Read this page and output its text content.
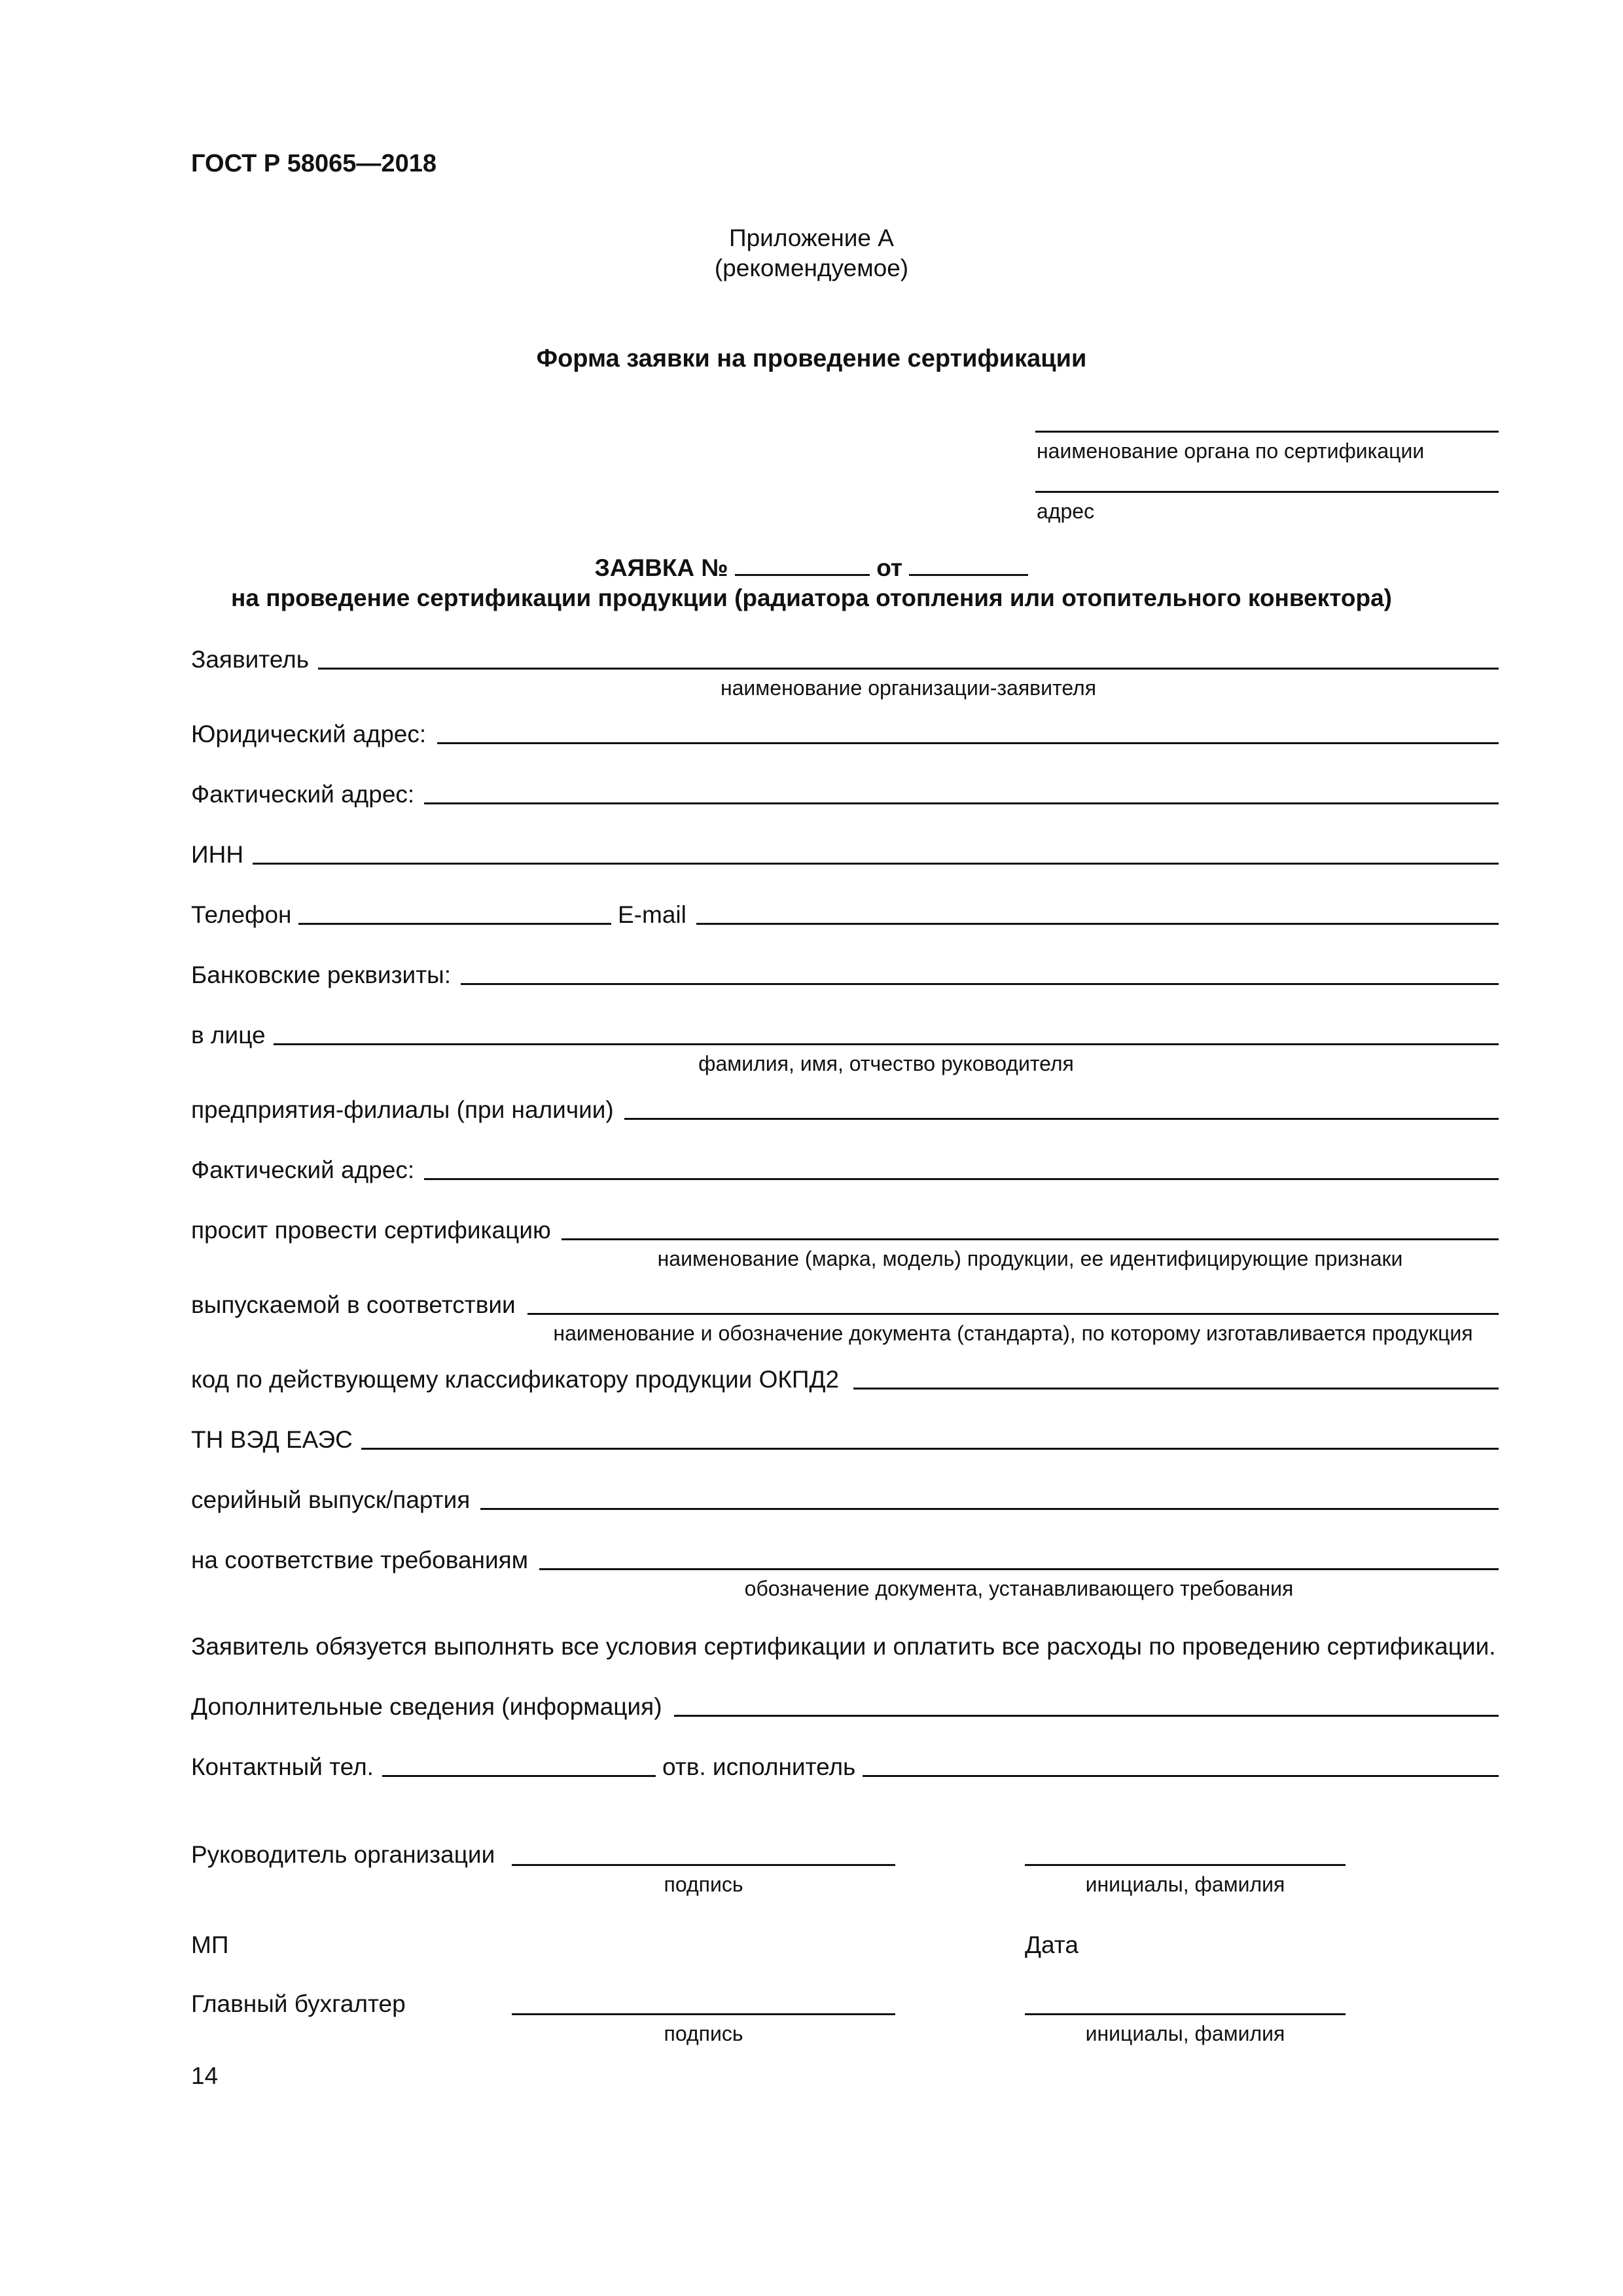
ГОСТ Р 58065—2018
Приложение А
(рекомендуемое)
Форма заявки на проведение сертификации
наименование органа по сертификации
адрес
ЗАЯВКА №	от
на проведение сертификации продукции (радиатора отопления или отопительного конвектора)
Заявитель
наименование организации-заявителя
Юридический адрес:
Фактический адрес:
ИНН
Телефон	E-mail
Банковские реквизиты:
в лице
фамилия, имя, отчество руководителя
предприятия-филиалы (при наличии)
Фактический адрес:
просит провести сертификацию
наименование (марка, модель) продукции, ее идентифицирующие признаки
выпускаемой в соответствии
наименование и обозначение документа (стандарта), по которому изготавливается продукция
код по действующему классификатору продукции ОКПД2
ТН ВЭД ЕАЭС
серийный выпуск/партия
на соответствие требованиям
обозначение документа, устанавливающего требования
Заявитель обязуется выполнять все условия сертификации и оплатить все расходы по проведению сертификации.
Дополнительные сведения (информация)
Контактный тел.	отв. исполнитель
Руководитель организации
подпись	инициалы, фамилия
МП	Дата
Главный бухгалтер
подпись	инициалы, фамилия
14
